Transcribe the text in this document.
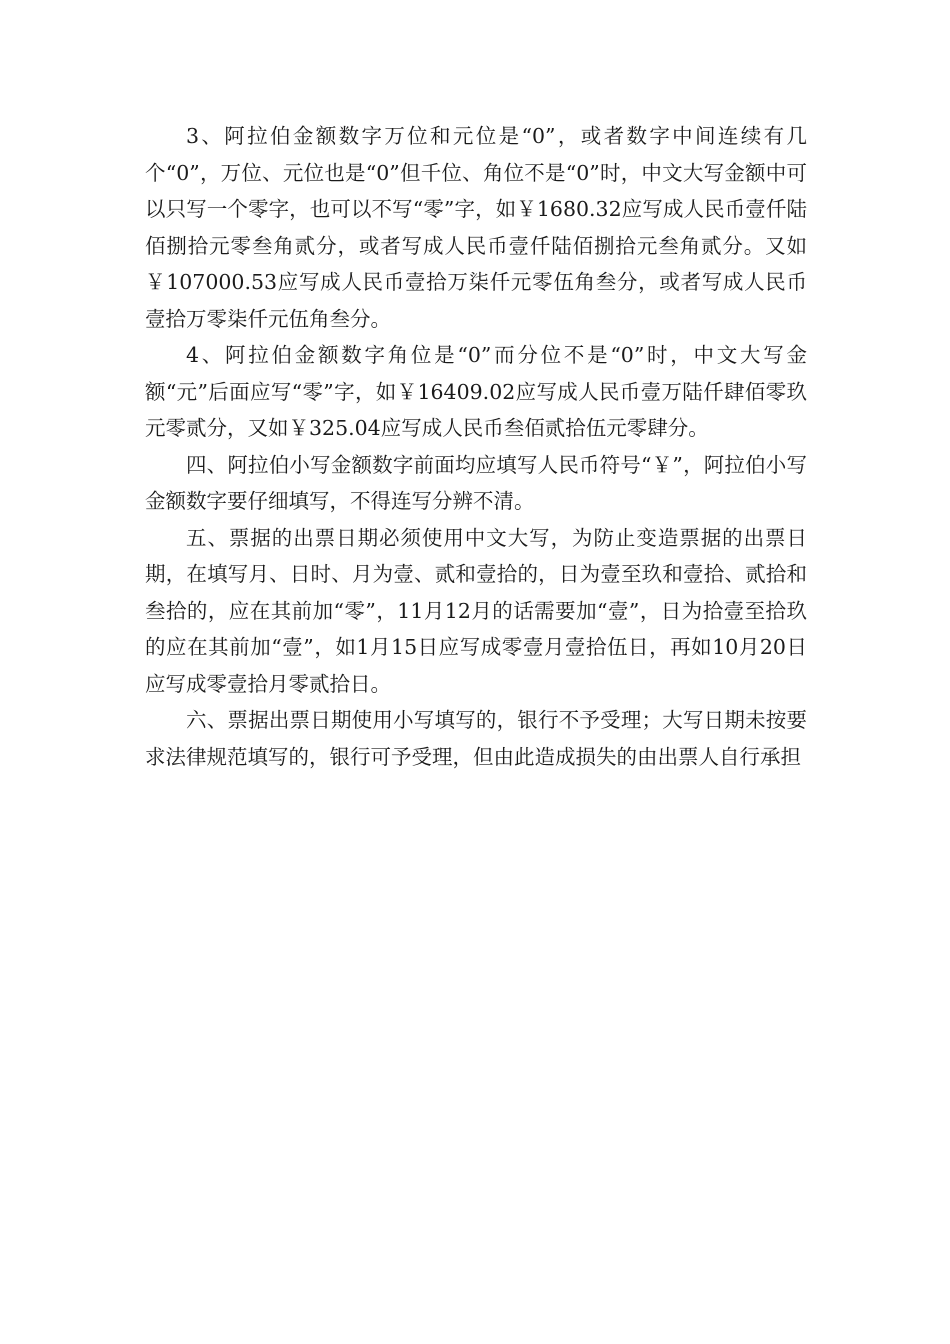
3、阿拉伯金额数字万位和元位是“0”，或者数字中间连续有几个“0”，万位、元位也是“0”但千位、角位不是“0”时，中文大写金额中可以只写一个零字，也可以不写“零”字，如￥1680.32应写成人民币壹仟陆佰捌拾元零叁角贰分，或者写成人民币壹仟陆佰捌拾元叁角贰分。又如￥107000.53应写成人民币壹拾万柒仟元零伍角叁分，或者写成人民币壹拾万零柒仟元伍角叁分。

4、阿拉伯金额数字角位是“0”而分位不是“0”时，中文大写金额“元”后面应写“零”字，如￥16409.02应写成人民币壹万陆仟肆佰零玖元零贰分，又如￥325.04应写成人民币叁佰贰拾伍元零肆分。

四、阿拉伯小写金额数字前面均应填写人民币符号“￥”，阿拉伯小写金额数字要仔细填写，不得连写分辨不清。

五、票据的出票日期必须使用中文大写，为防止变造票据的出票日期，在填写月、日时、月为壹、贰和壹拾的，日为壹至玖和壹拾、贰拾和叁拾的，应在其前加“零”，11月12月的话需要加“壹”，日为拾壹至拾玖的应在其前加“壹”，如1月15日应写成零壹月壹拾伍日，再如10月20日应写成零壹拾月零贰拾日。

六、票据出票日期使用小写填写的，银行不予受理；大写日期未按要求法律规范填写的，银行可予受理，但由此造成损失的由出票人自行承担
